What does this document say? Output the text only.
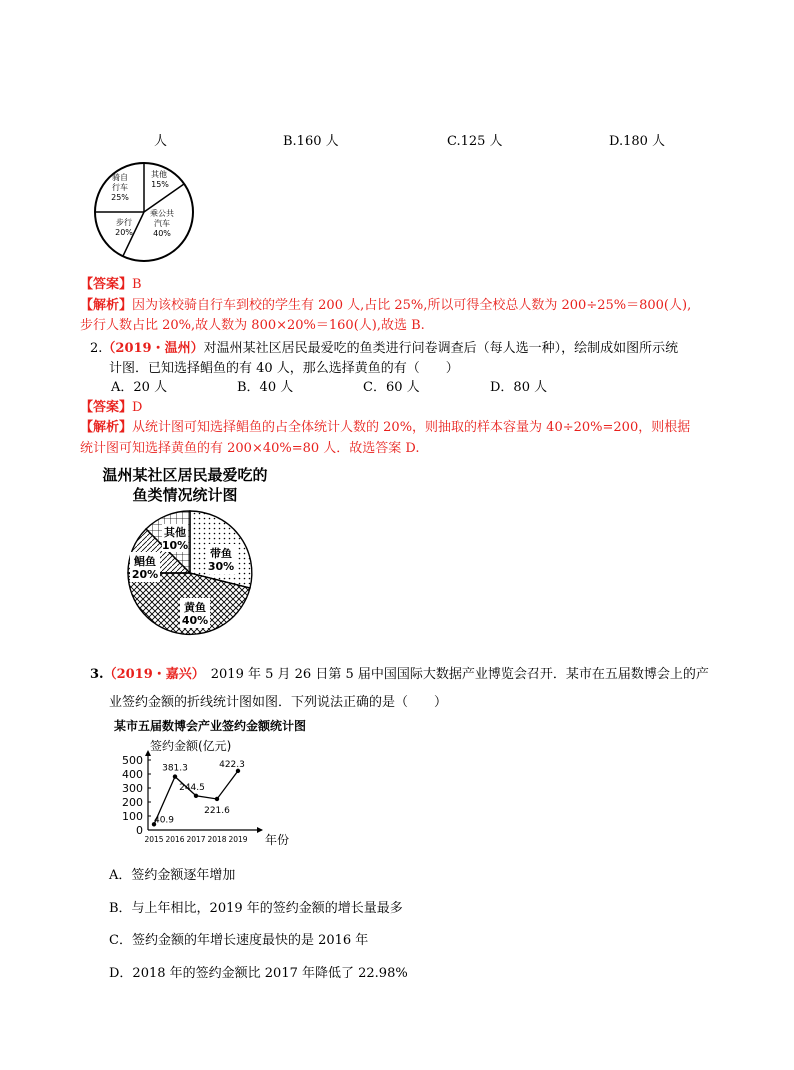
人	B.160 人	C.125 人	D.180 人
骑自
行车
25%
其他
15%
乘公共
汽车
40%
步行
20%
【答案】B
【解析】因为该校骑自行车到校的学生有 200 人,占比 25%,所以可得全校总人数为 200÷25%＝800(人),
步行人数占比 20%,故人数为 800×20%＝160(人),故选 B.
2.（2019・温州）对温州某社区居民最爱吃的鱼类进行问卷调查后（每人选一种），绘制成如图所示统
计图．已知选择鲳鱼的有 40 人，那么选择黄鱼的有（　　）
A．20 人	B．40 人	C．60 人	D．80 人
【答案】D
【解析】从统计图可知选择鲳鱼的占全体统计人数的 20%，则抽取的样本容量为 40÷20%=200，则根据
统计图可知选择黄鱼的有 200×40%=80 人．故选答案 D.
温州某社区居民最爱吃的
鱼类情况统计图
其他
10%
带鱼
30%
黄鱼
40%
鲳鱼
20%
3.（2019・嘉兴） 2019 年 5 月 26 日第 5 届中国国际大数据产业博览会召开．某市在五届数博会上的产
业签约金额的折线统计图如图．下列说法正确的是（　　）
某市五届数博会产业签约金额统计图
签约金额(亿元)
0
100
200
300
400
500
2015 2016 2017 2018 2019
40.9
381.3
244.5
221.6
422.3
年份
A．签约金额逐年增加
B．与上年相比，2019 年的签约金额的增长量最多
C．签约金额的年增长速度最快的是 2016 年
D．2018 年的签约金额比 2017 年降低了 22.98%
